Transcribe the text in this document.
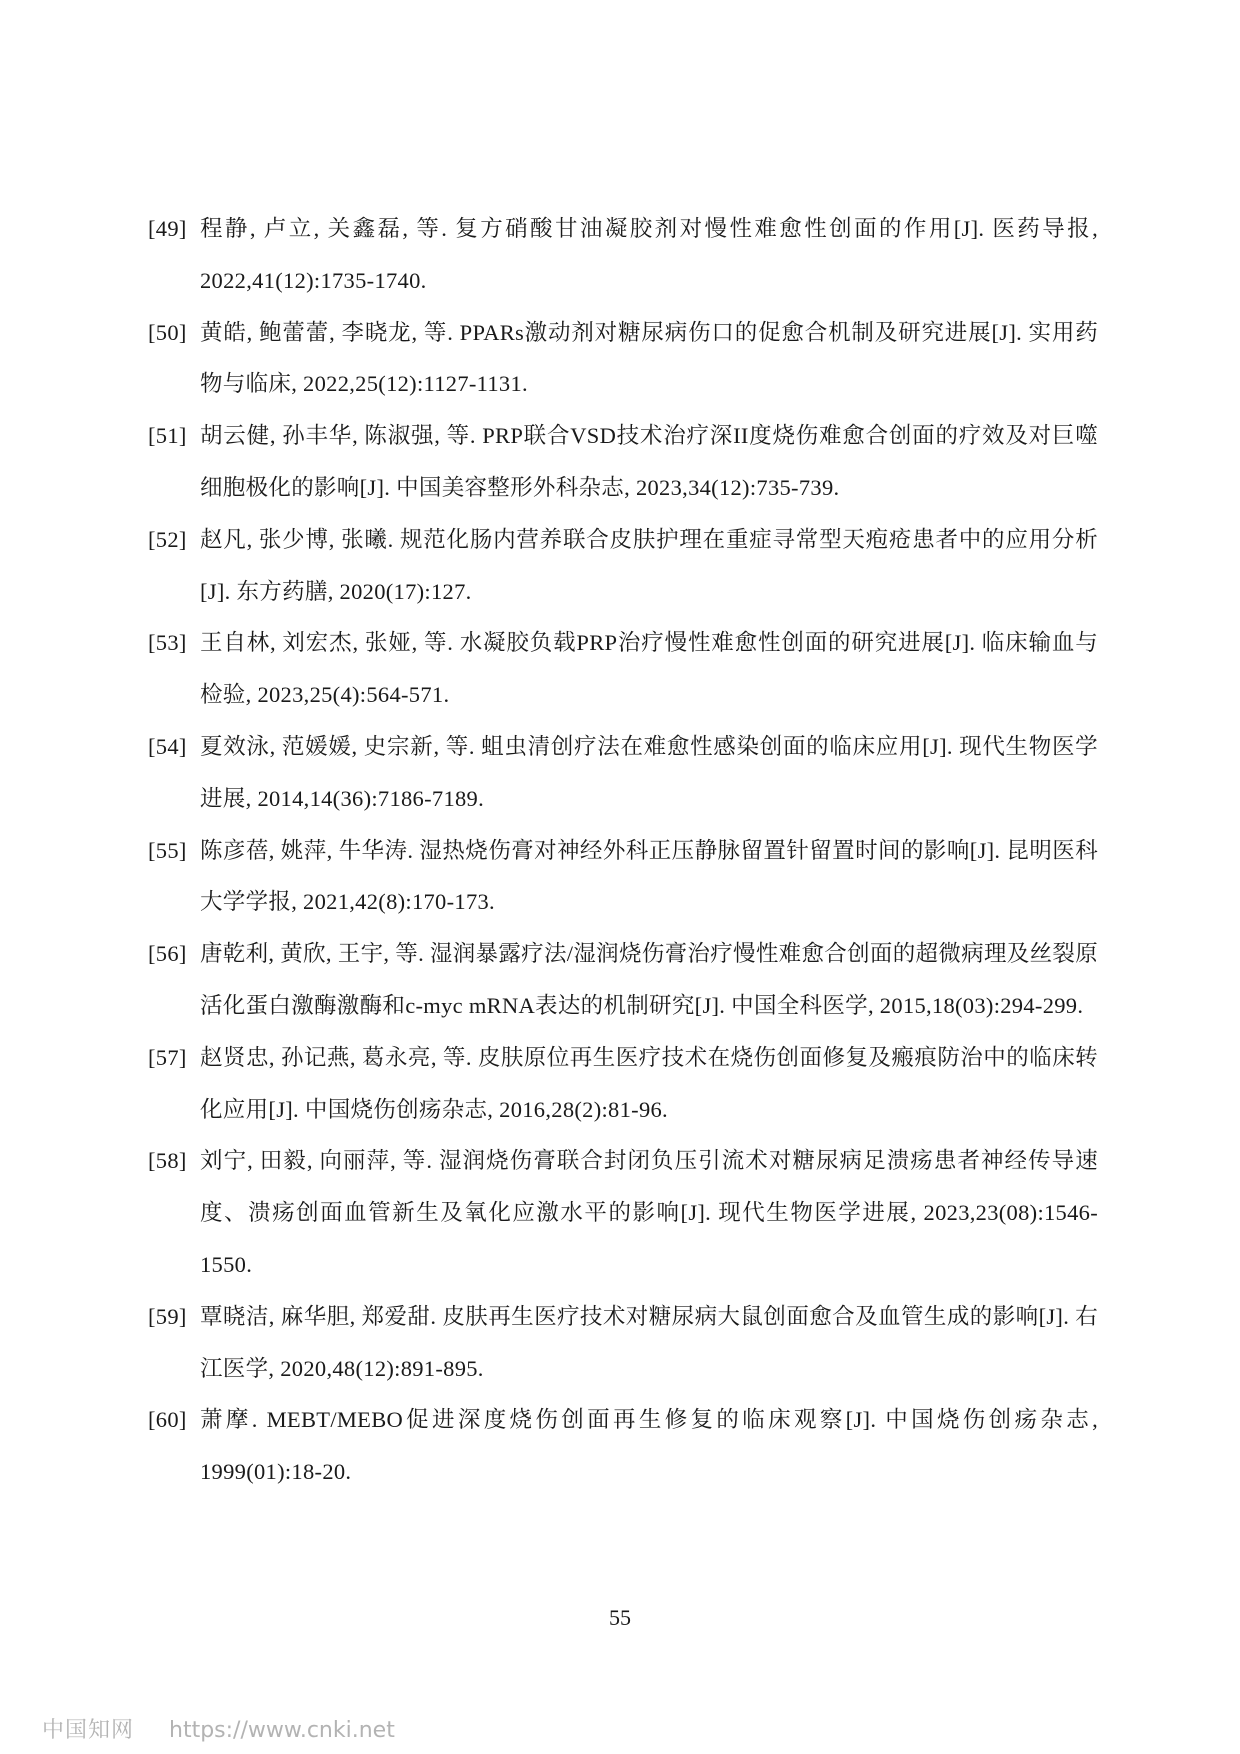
[49] 程静, 卢立, 关鑫磊, 等. 复方硝酸甘油凝胶剂对慢性难愈性创面的作用[J]. 医药导报, 2022,41(12):1735-1740.
[50] 黄皓, 鲍蕾蕾, 李晓龙, 等. PPARs激动剂对糖尿病伤口的促愈合机制及研究进展[J]. 实用药物与临床, 2022,25(12):1127-1131.
[51] 胡云健, 孙丰华, 陈淑强, 等. PRP联合VSD技术治疗深II度烧伤难愈合创面的疗效及对巨噬细胞极化的影响[J]. 中国美容整形外科杂志, 2023,34(12):735-739.
[52] 赵凡, 张少博, 张曦. 规范化肠内营养联合皮肤护理在重症寻常型天疱疮患者中的应用分析[J]. 东方药膳, 2020(17):127.
[53] 王自林, 刘宏杰, 张娅, 等. 水凝胶负载PRP治疗慢性难愈性创面的研究进展[J]. 临床输血与检验, 2023,25(4):564-571.
[54] 夏效泳, 范媛媛, 史宗新, 等. 蛆虫清创疗法在难愈性感染创面的临床应用[J]. 现代生物医学进展, 2014,14(36):7186-7189.
[55] 陈彦蓓, 姚萍, 牛华涛. 湿热烧伤膏对神经外科正压静脉留置针留置时间的影响[J]. 昆明医科大学学报, 2021,42(8):170-173.
[56] 唐乾利, 黄欣, 王宇, 等. 湿润暴露疗法/湿润烧伤膏治疗慢性难愈合创面的超微病理及丝裂原活化蛋白激酶激酶和c-myc mRNA表达的机制研究[J]. 中国全科医学, 2015,18(03):294-299.
[57] 赵贤忠, 孙记燕, 葛永亮, 等. 皮肤原位再生医疗技术在烧伤创面修复及瘢痕防治中的临床转化应用[J]. 中国烧伤创疡杂志, 2016,28(2):81-96.
[58] 刘宁, 田毅, 向丽萍, 等. 湿润烧伤膏联合封闭负压引流术对糖尿病足溃疡患者神经传导速度、溃疡创面血管新生及氧化应激水平的影响[J]. 现代生物医学进展, 2023,23(08):1546-1550.
[59] 覃晓洁, 麻华胆, 郑爱甜. 皮肤再生医疗技术对糖尿病大鼠创面愈合及血管生成的影响[J]. 右江医学, 2020,48(12):891-895.
[60] 萧摩. MEBT/MEBO促进深度烧伤创面再生修复的临床观察[J]. 中国烧伤创疡杂志, 1999(01):18-20.
55
中国知网 https://www.cnki.net
